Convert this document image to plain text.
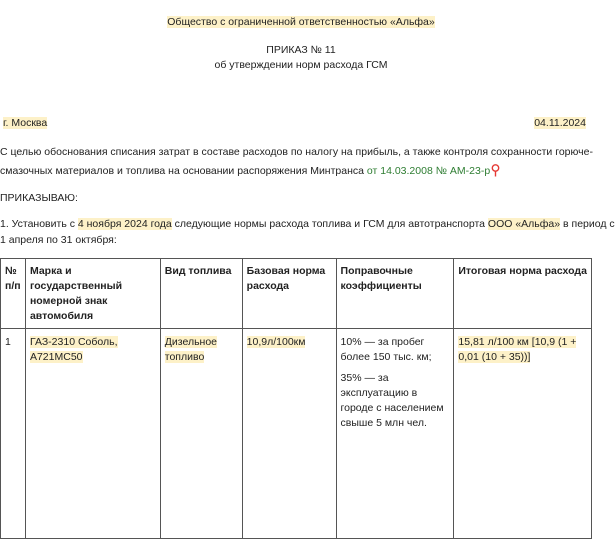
Общество с ограниченной ответственностью «Альфа»
ПРИКАЗ № 11
об утверждении норм расхода ГСМ
г. Москва	04.11.2024
С целью обоснования списания затрат в составе расходов по налогу на прибыль, а также контроля сохранности горюче-
смазочных материалов и топлива на основании распоряжения Минтранса от 14.03.2008 № АМ-23-р
ПРИКАЗЫВАЮ:
1. Установить с 4 ноября 2024 года следующие нормы расхода топлива и ГСМ для автотранспорта ООО «Альфа» в период с
1 апреля по 31 октября:
№ п/п	Марка и государственный номерной знак автомобиля	Вид топлива	Базовая норма расхода	Поправочные коэффициенты	Итоговая норма расхода
1	ГАЗ-2310 Соболь, А721МС50	Дизельное топливо	10,9л/100км	10% — за пробег более 150 тыс. км;

35% — за эксплуатацию в городе с населением свыше 5 млн чел.	15,81 л/100 км [10,9 (1 + 0,01 (10 + 35))]
